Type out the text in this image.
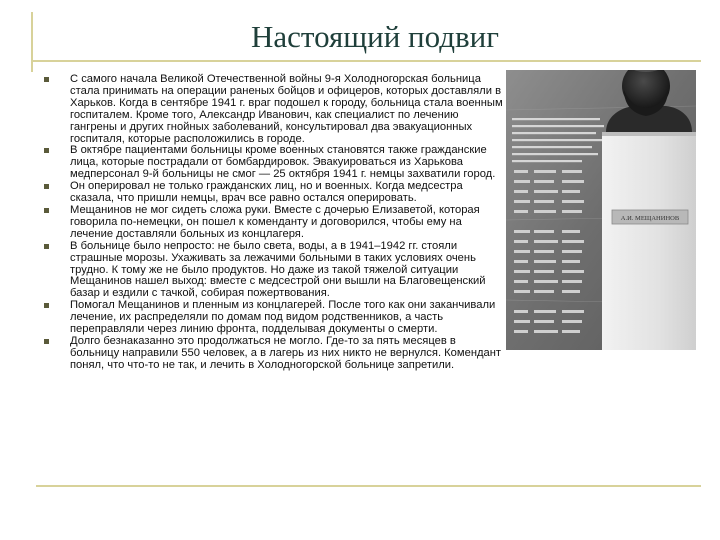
Настоящий подвиг
А.И. МЕЩАНИНОВ
С самого начала Великой Отечественной войны 9-я Холодногорская больница стала принимать на операции раненых бойцов и офицеров, которых доставляли в Харьков. Когда в сентябре 1941 г. враг подошел к городу, больница стала военным госпиталем. Кроме того, Александр Иванович, как специалист по лечению гангрены и других гнойных заболеваний, консультировал два эвакуационных госпиталя, которые расположились в городе.
В октябре пациентами больницы кроме военных становятся также гражданские лица, которые пострадали от бомбардировок. Эвакуироваться из Харькова медперсонал 9-й больницы не смог — 25 октября 1941 г. немцы захватили город.
Он оперировал не только гражданских лиц, но и военных. Когда медсестра сказала, что пришли немцы, врач все равно остался оперировать.
Мещанинов не мог сидеть сложа руки. Вместе с дочерью Елизаветой, которая говорила по-немецки, он пошел к коменданту и договорился, чтобы ему на лечение доставляли больных из концлагеря.
В больнице было непросто: не было света, воды, а в 1941–1942 гг. стояли страшные морозы. Ухаживать за лежачими больными в таких условиях очень трудно. К тому же не было продуктов. Но даже из такой тяжелой ситуации Мещанинов нашел выход: вместе с медсестрой они вышли на Благовещенский базар и ездили с тачкой, собирая пожертвования.
Помогал Мещанинов и пленным из концлагерей. После того как они заканчивали лечение, их распределяли по домам под видом родственников, а часть переправляли через линию фронта, подделывая документы о смерти.
Долго безнаказанно это продолжаться не могло. Где-то за пять месяцев в больницу направили 550 человек, а в лагерь из них никто не вернулся. Комендант понял, что что-то не так, и лечить в Холодногорской больнице запретили.
